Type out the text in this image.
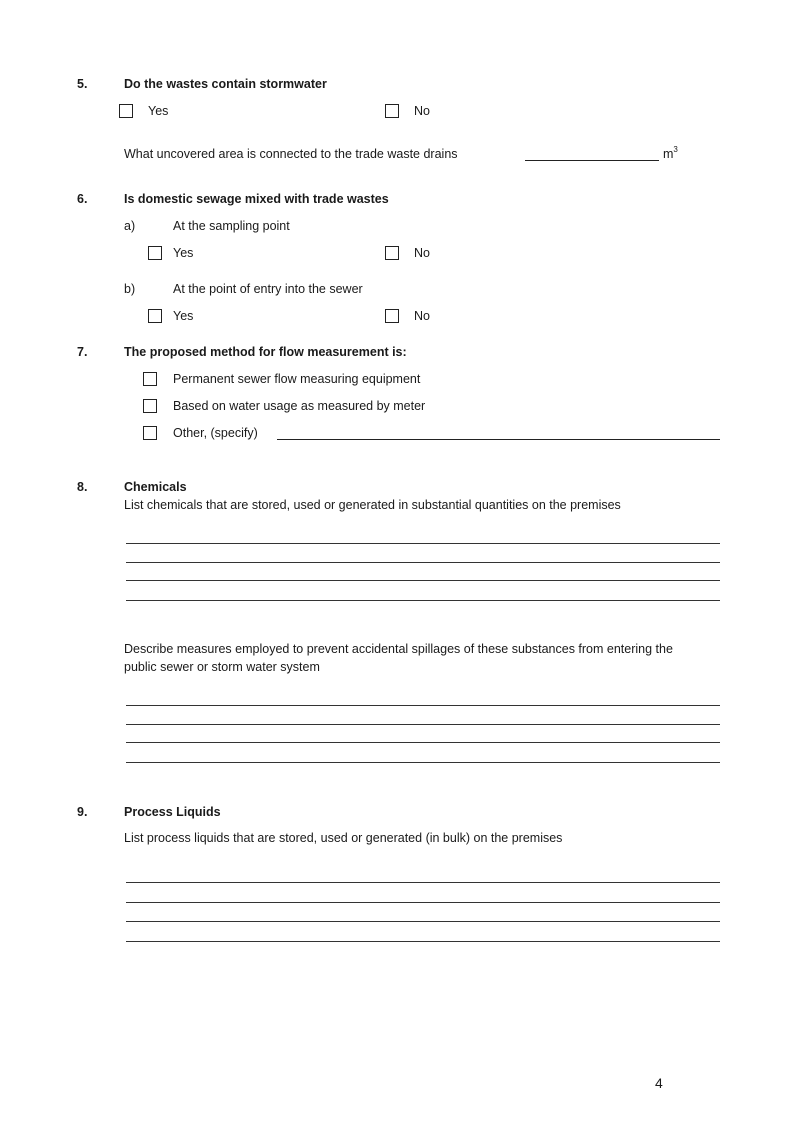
5.	Do the wastes contain stormwater
Yes	No
What uncovered area is connected to the trade waste drains	$m^3$
6.	Is domestic sewage mixed with trade wastes
a)	At the sampling point
Yes	No
b)	At the point of entry into the sewer
Yes	No
7.	The proposed method for flow measurement is:
Permanent sewer flow measuring equipment
Based on water usage as measured by meter
Other, (specify)
8.	Chemicals
List chemicals that are stored, used or generated in substantial quantities on the premises
Describe measures employed to prevent accidental spillages of these substances from entering the
public sewer or storm water system
9.	Process Liquids
List process liquids that are stored, used or generated (in bulk) on the premises
4
